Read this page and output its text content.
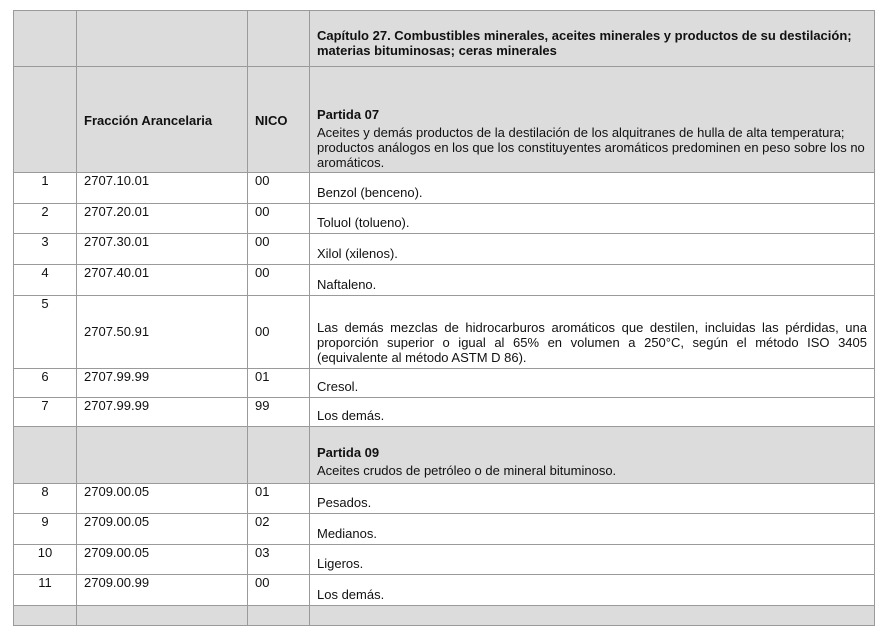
			Capítulo 27. Combustibles minerales, aceites minerales y productos de su destilación; materias bituminosas; ceras minerales
	Fracción Arancelaria	NICO	Partida 07

Aceites y demás productos de la destilación de los alquitranes de hulla de alta temperatura; productos análogos en los que los constituyentes aromáticos predominen en peso sobre los no aromáticos.

1	2707.10.01	00	Benzol (benceno).
2	2707.20.01	00	Toluol (tolueno).
3	2707.30.01	00	Xilol (xilenos).
4	2707.40.01	00	Naftaleno.
5	2707.50.91	00	Las demás mezclas de hidrocarburos aromáticos que destilen, incluidas las pérdidas, una proporción superior o igual al 65% en volumen a 250°C, según el método ISO 3405 (equivalente al método ASTM D 86).
6	2707.99.99	01	Cresol.
7	2707.99.99	99	Los demás.

			Partida 09

Aceites crudos de petróleo o de mineral bituminoso.

8	2709.00.05	01	Pesados.
9	2709.00.05	02	Medianos.
10	2709.00.05	03	Ligeros.
11	2709.00.99	00	Los demás.
